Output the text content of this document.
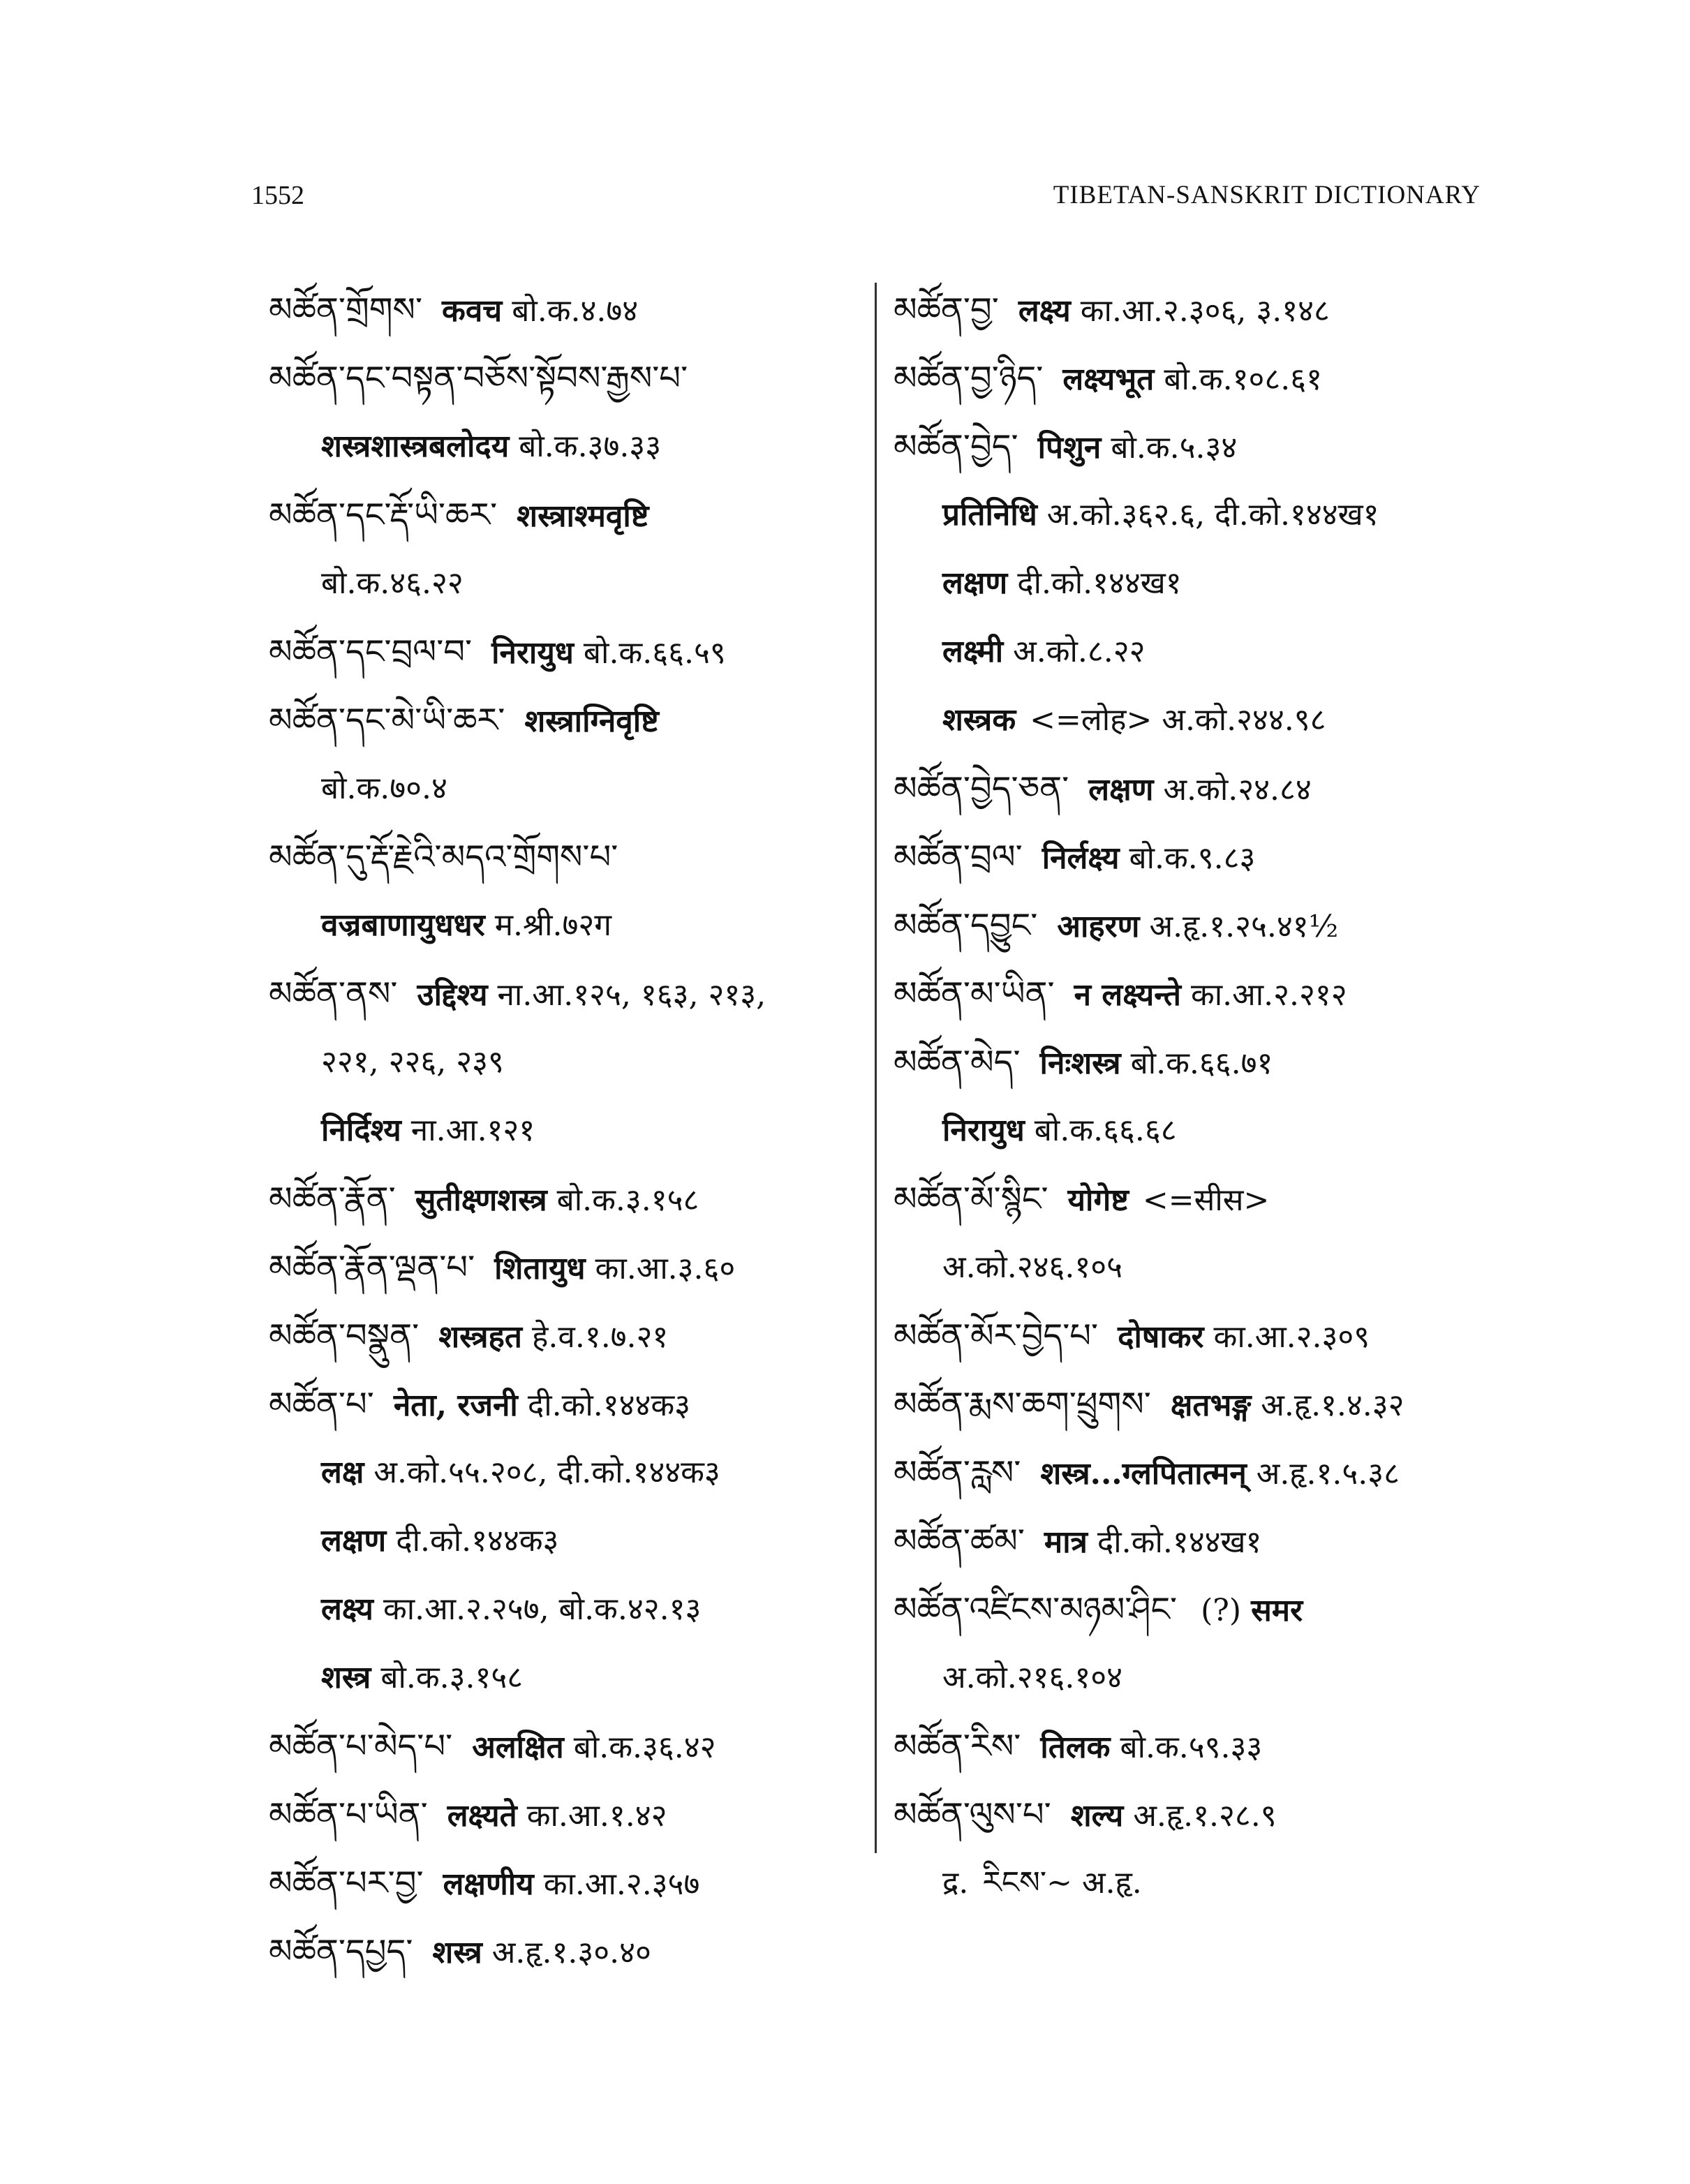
1552	TIBETAN-SANSKRIT DICTIONARY
མཚོན་གྲོགས་ कवच बो.क.४.७४
མཚོན་དང་བསྟན་བཅོས་སྟོབས་རྒྱས་པ་
शस्त्रशास्त्रबलोदय बो.क.३७.३३
མཚོན་དང་རྡོ་ཡི་ཆར་ शस्त्राश्मवृष्टि
बो.क.४६.२२
མཚོན་དང་བྲལ་བ་ निरायुध बो.क.६६.५९
མཚོན་དང་མེ་ཡི་ཆར་ शस्त्राग्निवृष्टि
बो.क.७०.४
མཚོན་དུ་རྡོ་རྗེའི་མདའ་གྲོགས་པ་
वज्रबाणायुधधर म.श्री.७२ग
མཚོན་ནས་ उद्दिश्य ना.आ.१२५, १६३, २१३,
२२१, २२६, २३९
निर्दिश्य ना.आ.१२१
མཚོན་རྣོན་ सुतीक्ष्णशस्त्र बो.क.३.१५८
མཚོན་རྣོན་ལྡན་པ་ शितायुध का.आ.३.६०
མཚོན་བསྣུན་ शस्त्रहत हे.व.१.७.२१
མཚོན་པ་ नेता, रजनी दी.को.१४४क३
लक्ष अ.को.५५.२०८, दी.को.१४४क३
लक्षण दी.को.१४४क३
लक्ष्य का.आ.२.२५७, बो.क.४२.१३
शस्त्र बो.क.३.१५८
མཚོན་པ་མེད་པ་ अलक्षित बो.क.३६.४२
མཚོན་པ་ཡིན་ लक्ष्यते का.आ.१.४२
མཚོན་པར་བྱ་ लक्षणीय का.आ.२.३५७
མཚོན་དཔྱད་ शस्त्र अ.हृ.१.३०.४०
མཚོན་བྱ་ लक्ष्य का.आ.२.३०६, ३.१४८
མཚོན་བྱ་ཉིད་ लक्ष्यभूत बो.क.१०८.६१
མཚོན་བྱེད་ पिशुन बो.क.५.३४
प्रतिनिधि अ.को.३६२.६, दी.को.१४४ख१
लक्षण दी.को.१४४ख१
लक्ष्मी अ.को.८.२२
शस्त्रक <=लोह> अ.को.२४४.९८
མཚོན་བྱེད་ཅན་ लक्षण अ.को.२४.८४
མཚོན་བྲལ་ निर्लक्ष्य बो.क.९.८३
མཚོན་དབྱུང་ आहरण अ.हृ.१.२५.४१½
མཚོན་མ་ཡིན་ न लक्ष्यन्ते का.आ.२.२१२
མཚོན་མེད་ निःशस्त्र बो.क.६६.७१
निरायुध बो.क.६६.६८
མཚོན་མོ་སྙིང་ योगेष्ट <=सीस>
अ.को.२४६.१०५
མཚོན་མོར་བྱེད་པ་ दोषाकर का.आ.२.३०९
མཚོན་རྨས་ཆག་ཕྲུགས་ क्षतभङ्ग अ.हृ.१.४.३२
མཚོན་རླས་ शस्त्र...ग्लपितात्मन् अ.हृ.१.५.३८
མཚོན་ཚམ་ मात्र दी.को.१४४ख१
མཚོན་འཛིངས་མཉམ་ཤིང་ (?) समर
अ.को.२१६.१०४
མཚོན་རིས་ तिलक बो.क.५९.३३
མཚོན་ལུས་པ་ शल्य अ.हृ.१.२८.९
द्र. རིངས་~ अ.हृ.
